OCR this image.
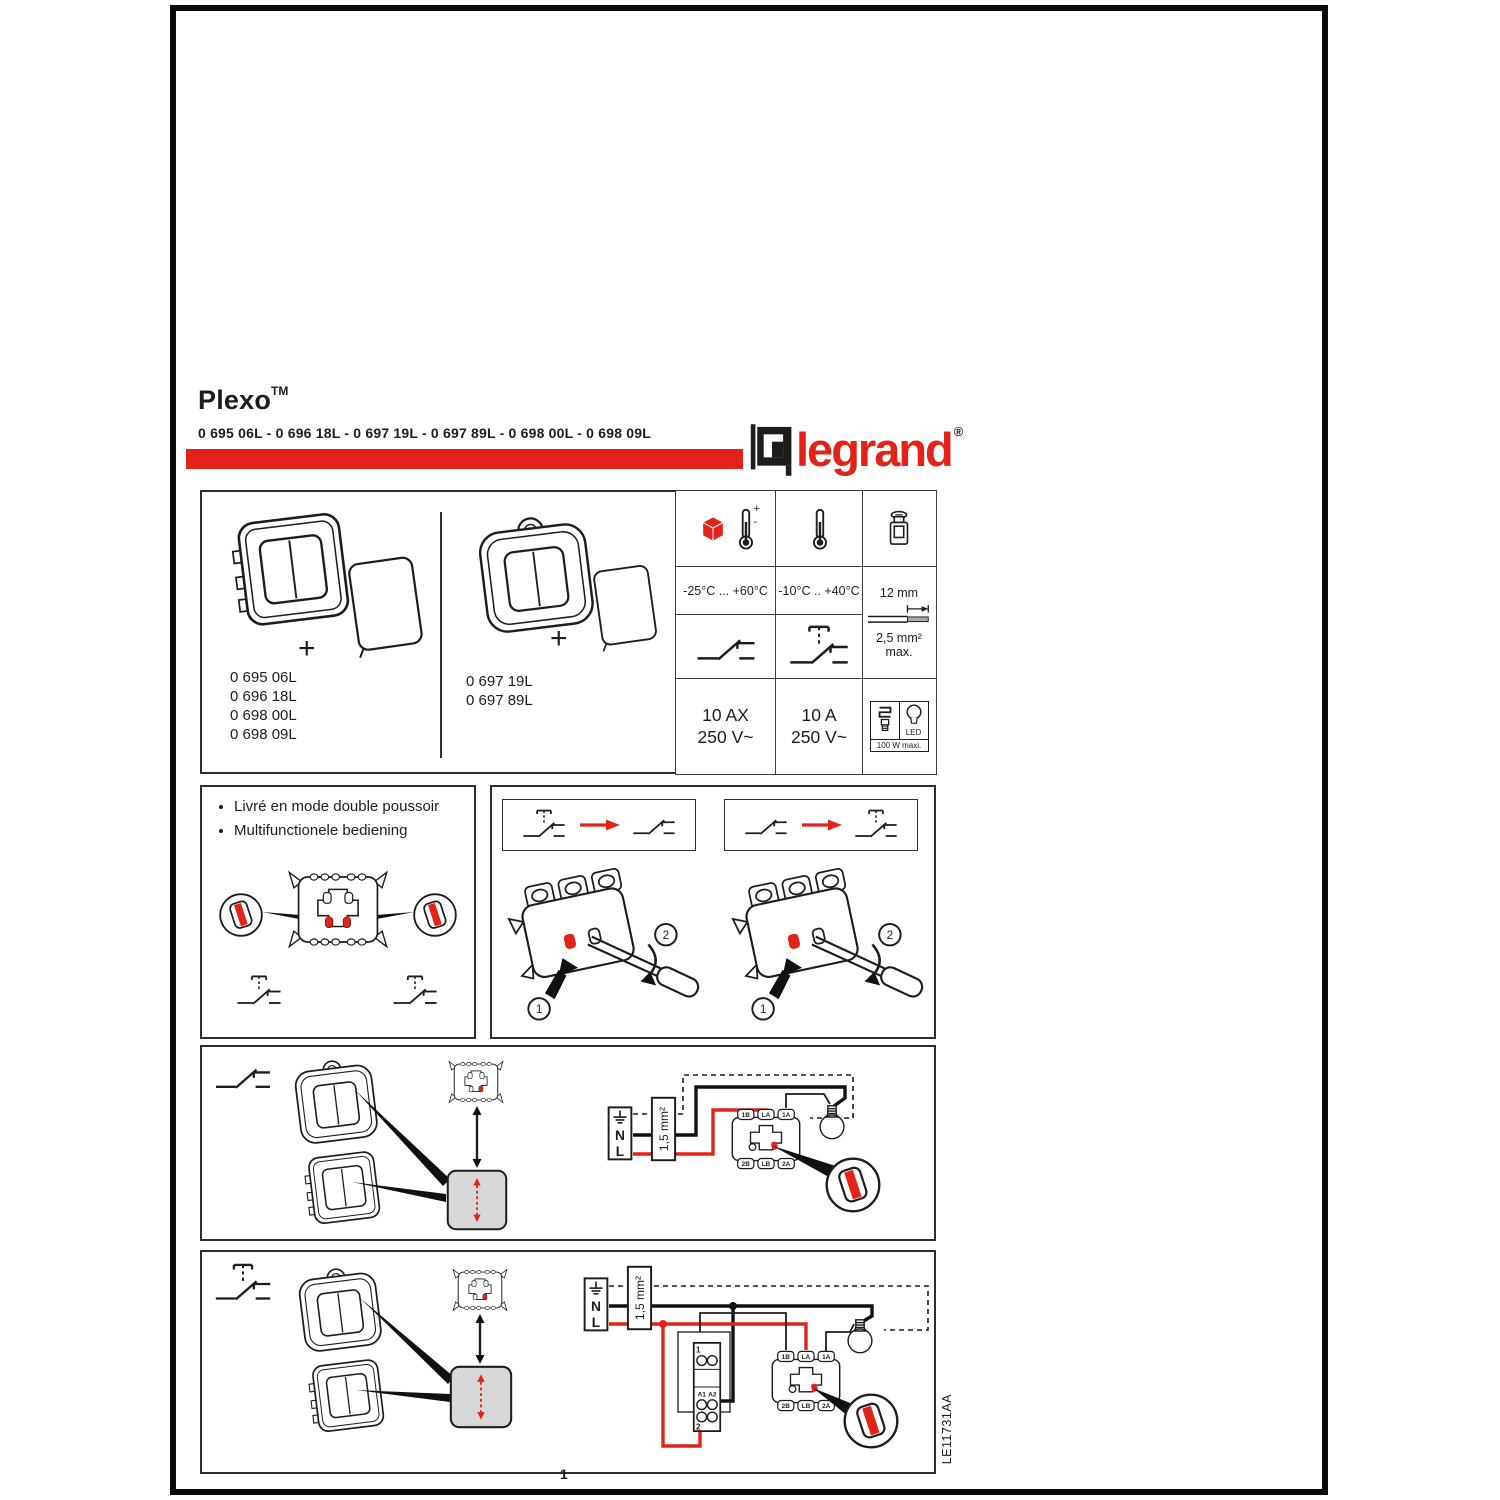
Plexo™
0 695 06L - 0 696 18L - 0 697 19L - 0 697 89L - 0 698 00L - 0 698 09L	legrand ®
+
0 695 06L
0 696 18L
0 698 00L
0 698 09L
+
0 697 19L
0 697 89L
+
-
-25°C ... +60°C -10°C .. +40°C 12 mm
2,5 mm² max.
10 AX
250 V~
10 A
250 V~	LED
100 W maxi.
• Livré en mode double poussoir
• Multifunctionele bediening
1
LE11731AA
